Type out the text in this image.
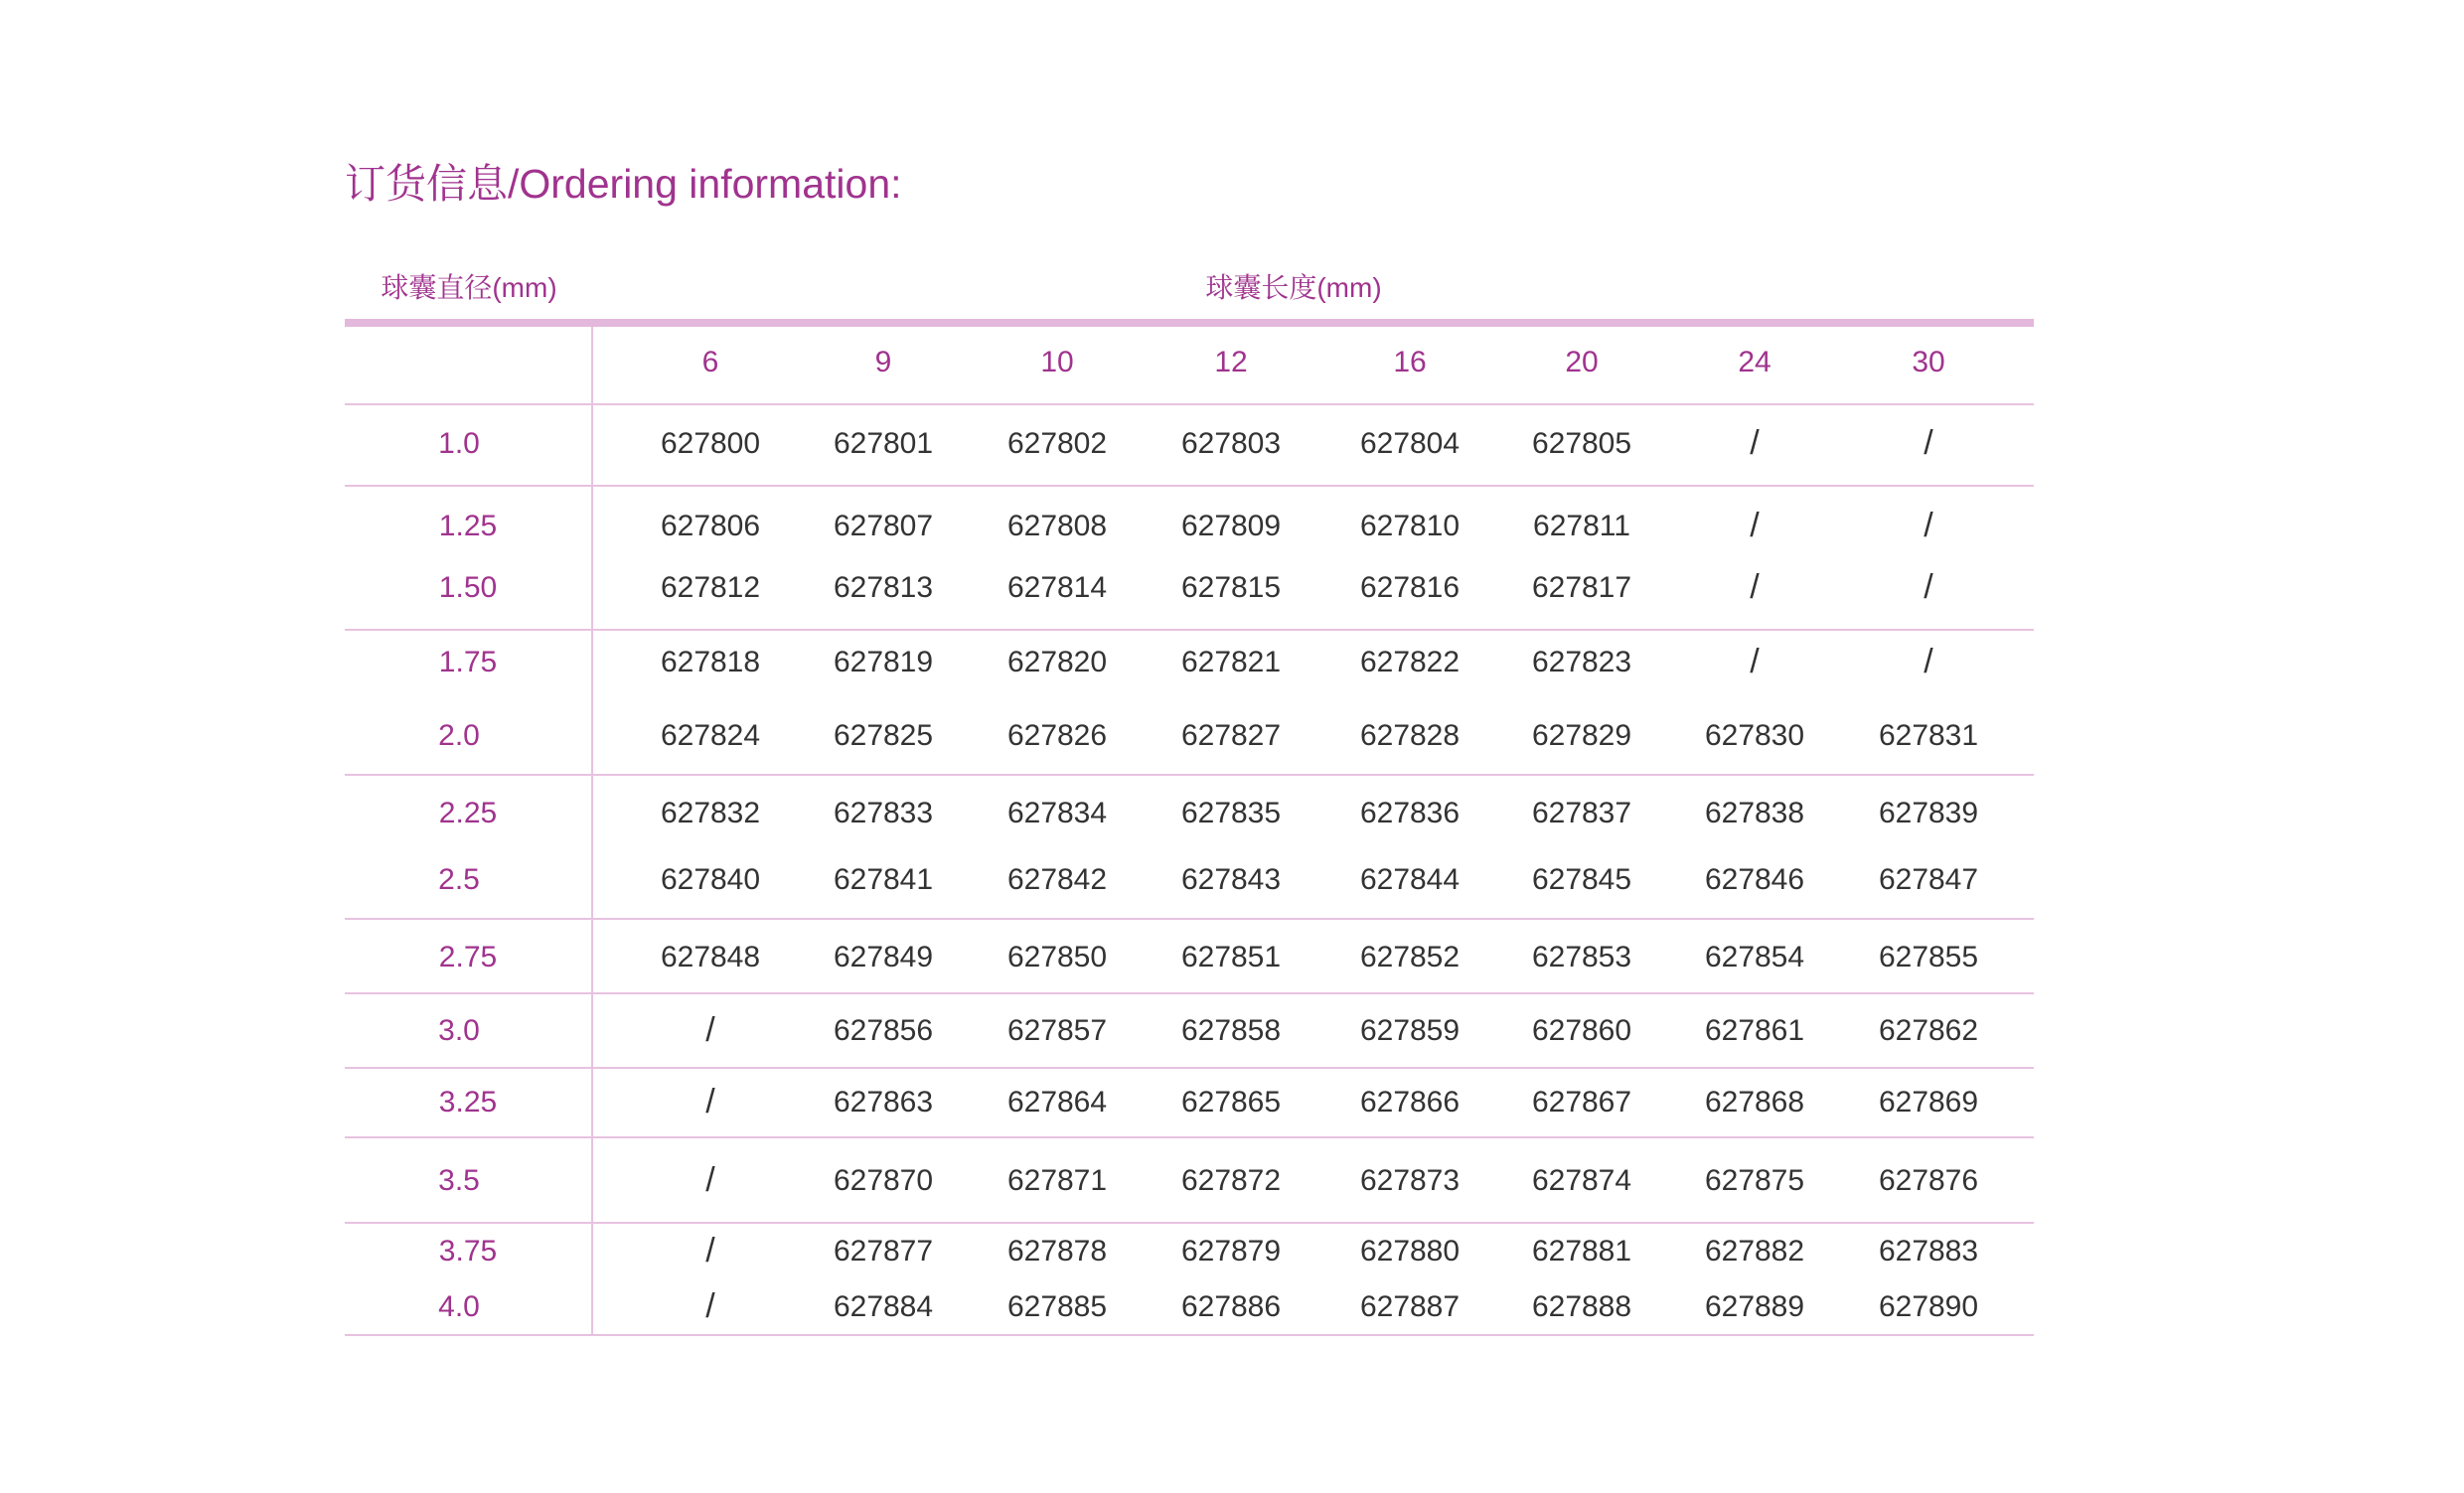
订货信息/Ordering information:
球囊直径(mm)	球囊长度(mm)
6	9	10	12	16	20	24	30
1.0	627800 627801 627802 627803	627804 627805	/	/
1.25	627806 627807 627808 627809	627810 627811	/	/
1.50	627812 627813 627814 627815	627816 627817	/	/
1.75	627818 627819 627820 627821	627822 627823	/	/
2.0	627824 627825 627826 627827	627828 627829 627830 627831
2.25	627832 627833 627834 627835	627836 627837 627838 627839
2.5	627840 627841 627842 627843	627844 627845 627846 627847
2.75	627848 627849 627850 627851	627852 627853 627854 627855
3.0	/	627856 627857 627858	627859 627860 627861 627862
3.25	/	627863 627864 627865	627866 627867 627868 627869
3.5	/	627870 627871 627872	627873 627874 627875 627876
3.75	/	627877 627878 627879	627880 627881 627882 627883
4.0	/	627884 627885 627886	627887 627888 627889 627890
